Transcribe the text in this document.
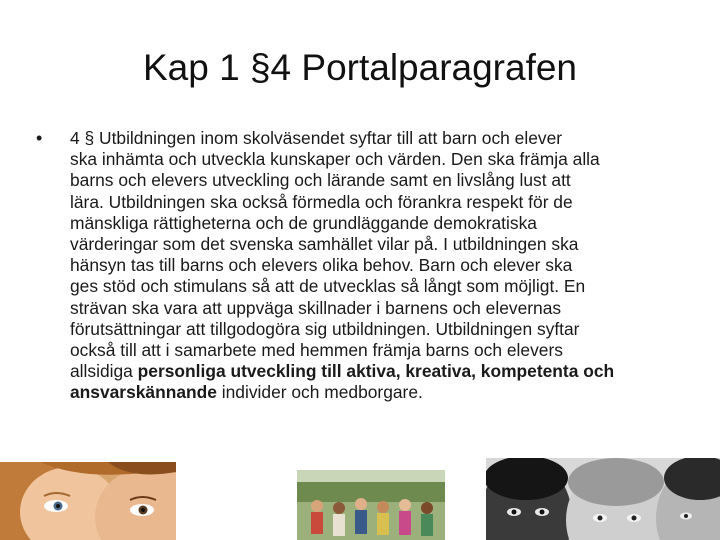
Kap 1 §4 Portalparagrafen
• 4 § Utbildningen inom skolväsendet syftar till att barn och elever
ska inhämta och utveckla kunskaper och värden. Den ska främja alla
barns och elevers utveckling och lärande samt en livslång lust att
lära. Utbildningen ska också förmedla och förankra respekt för de
mänskliga rättigheterna och de grundläggande demokratiska
värderingar som det svenska samhället vilar på. I utbildningen ska
hänsyn tas till barns och elevers olika behov. Barn och elever ska
ges stöd och stimulans så att de utvecklas så långt som möjligt. En
strävan ska vara att uppväga skillnader i barnens och elevernas
förutsättningar att tillgodogöra sig utbildningen. Utbildningen syftar
också till att i samarbete med hemmen främja barns och elevers
allsidiga personliga utveckling till aktiva, kreativa, kompetenta och
ansvarskännande individer och medborgare.
